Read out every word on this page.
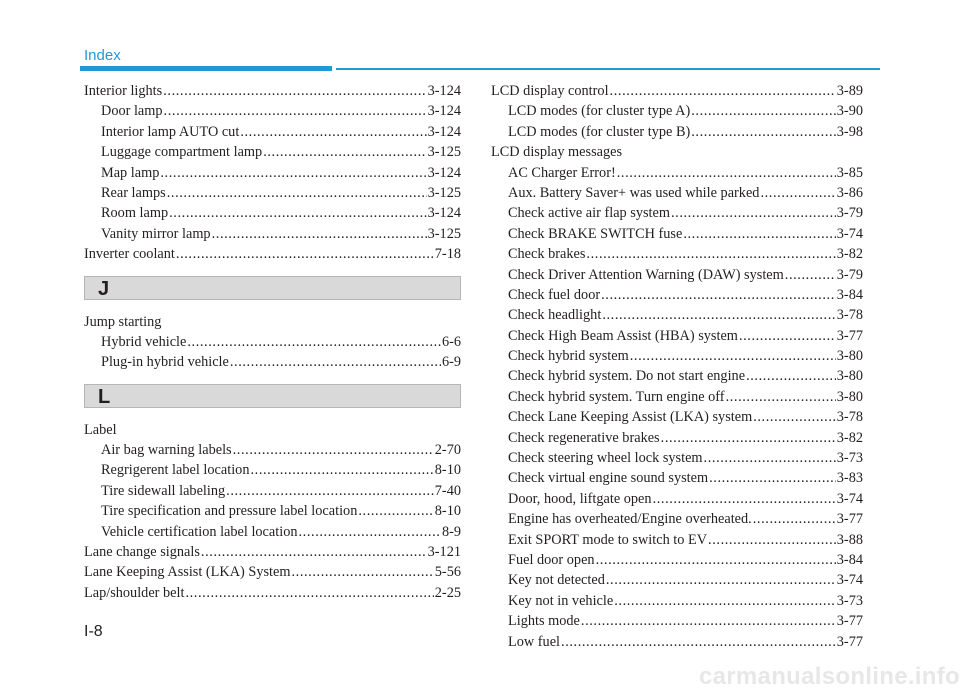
Index
Interior lights .....	3-124
Door lamp .....	3-124
Interior lamp AUTO cut .....	3-124
Luggage compartment lamp .....	3-125
Map lamp .....	3-124
Rear lamps .....	3-125
Room lamp .....	3-124
Vanity mirror lamp .....	3-125
Inverter coolant .....	7-18
J
Jump starting
Hybrid vehicle .....	6-6
Plug-in hybrid vehicle .....	6-9
L
Label
Air bag warning labels .....	2-70
Regrigerent label location .....	8-10
Tire sidewall labeling .....	7-40
Tire specification and pressure label location .....	8-10
Vehicle certification label location .....	8-9
Lane change signals .....	3-121
Lane Keeping Assist (LKA) System .....	5-56
Lap/shoulder belt .....	2-25
LCD display control .....	3-89
LCD modes (for cluster type A) .....	3-90
LCD modes (for cluster type B) .....	3-98
LCD display messages
AC Charger Error! .....	3-85
Aux. Battery Saver+ was used while parked .....	3-86
Check active air flap system .....	3-79
Check BRAKE SWITCH fuse .....	3-74
Check brakes .....	3-82
Check Driver Attention Warning (DAW) system .....	3-79
Check fuel door .....	3-84
Check headlight .....	3-78
Check High Beam Assist (HBA) system .....	3-77
Check hybrid system .....	3-80
Check hybrid system. Do not start engine .....	3-80
Check hybrid system. Turn engine off .....	3-80
Check Lane Keeping Assist (LKA) system .....	3-78
Check regenerative brakes .....	3-82
Check steering wheel lock system .....	3-73
Check virtual engine sound system .....	3-83
Door, hood, liftgate open .....	3-74
Engine has overheated/Engine overheated. .....	3-77
Exit SPORT mode to switch to EV .....	3-88
Fuel door open .....	3-84
Key not detected .....	3-74
Key not in vehicle .....	3-73
Lights mode .....	3-77
Low fuel .....	3-77
I-8
carmanualsonline.info
